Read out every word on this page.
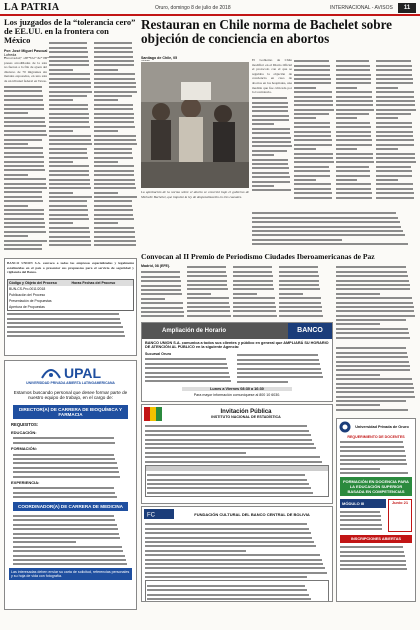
LA PATRIA	Oruro, domingo 8 de julio de 2018	INTERNACIONAL - AVISOS	11
Los juzgados de la “tolerancia cero” de EE.UU. en la frontera con México
Por: José Miguel Pascual
Lofreda

Encorvados, sin voz de las presas arrodilladas de la sala no fueron a la fila de ajoen del discurso de 70 migrantes sin metales esposados, en una sala de un tribunal federal en Texas.

Restauran en Chile norma de Bachelet sobre objeción de conciencia en abortos
Santiago de Chile, 05
La aprobación de la norma sobre el aborto se concretó bajo el gobierno de Michelle Bachelet, que impulsó la ley de despenalización en tres causales.

El Gobierno de Chile modificó en el Diario Oficial el protocolo con el que se regulaba la objeción de conciencia en caso de abortos en los hospitales, una medida que fue criticada por la Contraloría.

BANCO UNION S.A. convoca a todas las empresas especializadas y legalmente establecidas en el país a presentar sus propuestas para el servicio de seguridad y vigilancia del Banco.
Código y Objeto del Proceso	Horas Fechas del Proceso
BUN-CS-Pro-0011/2018
Publicación del Proceso
Presentación de Propuestas
Apertura de Propuestas
UPAL
UNIVERSIDAD PRIVADA ABIERTA LATINOAMERICANA
Estamos buscando personal que desee formar parte de nuestro equipo de trabajo, en el cargo de:
DIRECTOR(A) DE CARRERA DE BIOQUÍMICA Y FARMACIA
REQUISITOS:
EDUCACIÓN:
FORMACIÓN:
EXPERIENCIA:
COORDINADOR(A) DE CARRERA DE MEDICINA
Las interesadas deben enviar su carta de solicitud, referencias personales y su hoja de vida con fotografía.
Convocan al II Premio de Periodismo Ciudades Iberoamericanas de Paz
Madrid, 08 (EFE).
Ampliación de Horario	BANCO UNION
BANCO UNION S.A. comunica a todos sus clientes y público en general que AMPLIARÁ SU HORARIO DE ATENCIÓN AL PÚBLICO en la siguiente Agencia:
Sucursal Oruro
Lunes a Viernes 08:30 a 16:30
Para mayor información comuníquese al 800 10 6030.
Invitación Pública
INSTITUTO NACIONAL DE ESTADÍSTICA
FC	FUNDACIÓN CULTURAL DEL BANCO CENTRAL DE BOLIVIA
Universidad Privada de Oruro
REQUERIMIENTO DE DOCENTES
FORMACIÓN EN DOCENCIA PARA LA EDUCACIÓN SUPERIOR BASADA EN COMPETENCIAS
MÓDULO III	Junio 21
INSCRIPCIONES ABIERTAS
